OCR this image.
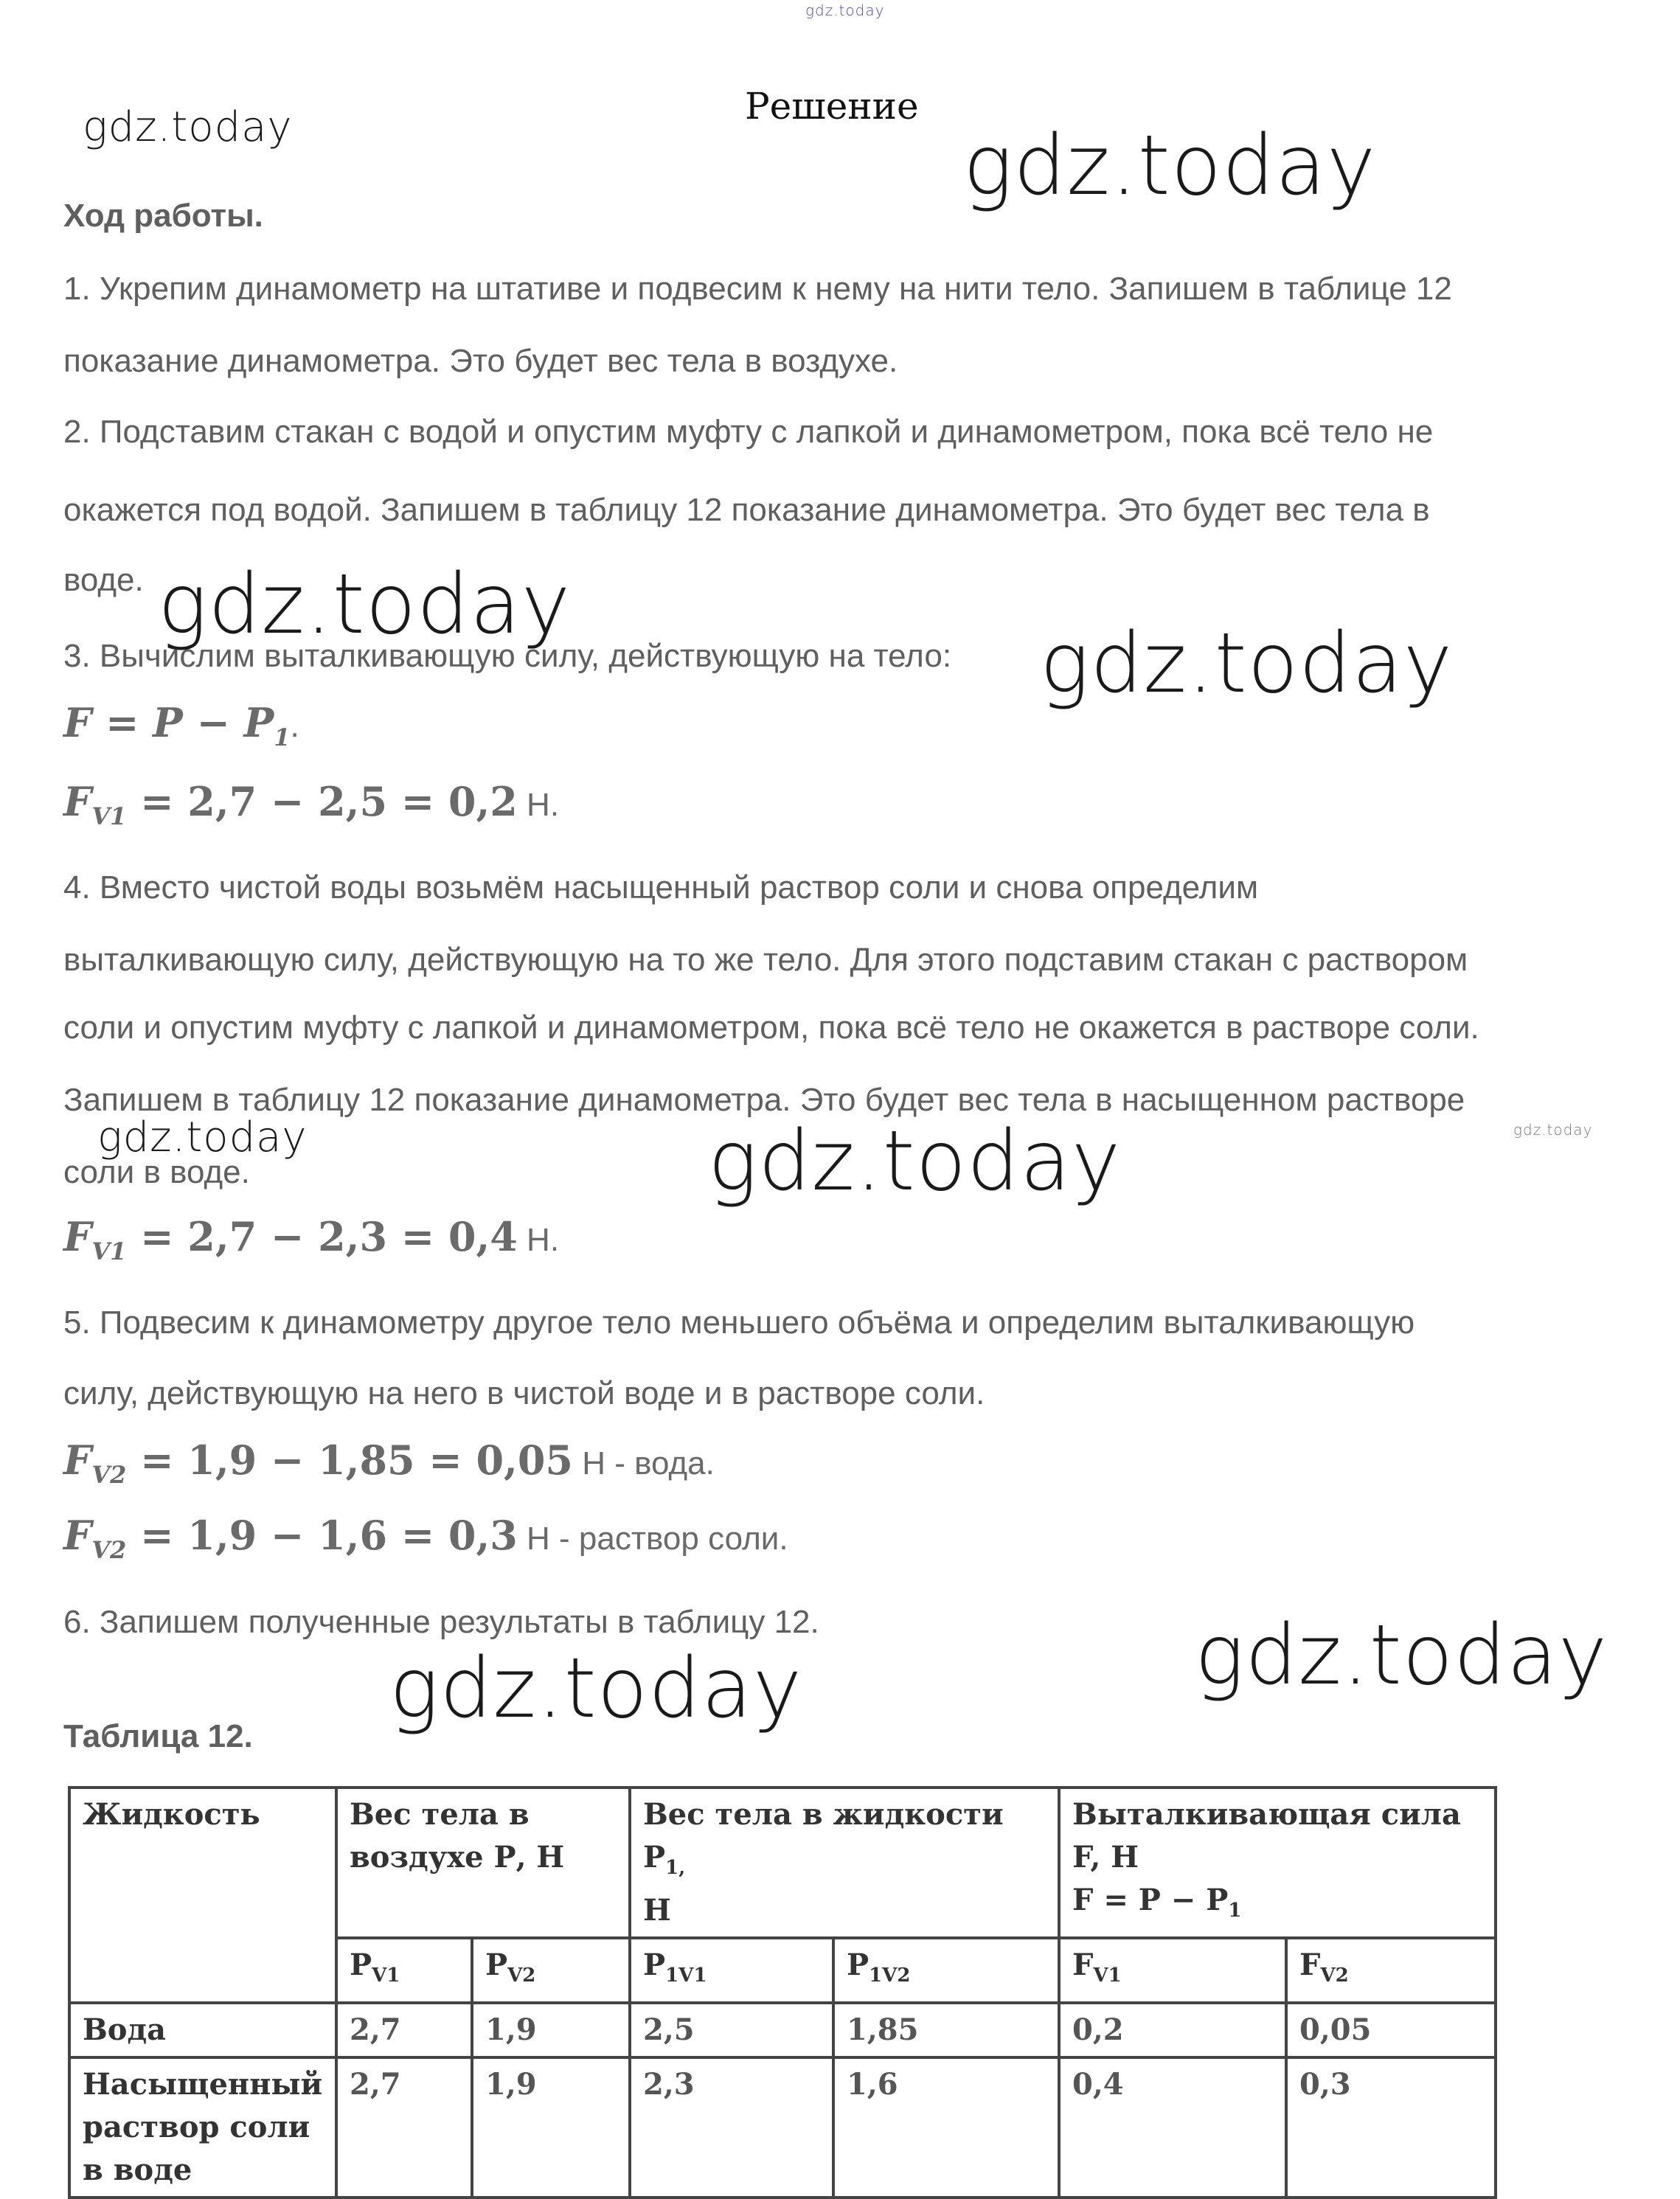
gdz.today
gdz.today	gdz.today
gdz.today
gdz.today
gdz.today	gdz.today	gdz.today
gdz.today
gdz.today
Решение
Ход работы.
1. Укрепим динамометр на штативе и подвесим к нему на нити тело. Запишем в таблице 12
показание динамометра. Это будет вес тела в воздухе.
2. Подставим стакан с водой и опустим муфту с лапкой и динамометром, пока всё тело не
окажется под водой. Запишем в таблицу 12 показание динамометра. Это будет вес тела в
воде.
3. Вычислим выталкивающую силу, действующую на тело:
$F = P - P_1$.
$F_{V1} = 2,7 - 2,5 = 0,2$ Н.
4. Вместо чистой воды возьмём насыщенный раствор соли и снова определим
выталкивающую силу, действующую на то же тело. Для этого подставим стакан с раствором
соли и опустим муфту с лапкой и динамометром, пока всё тело не окажется в растворе соли.
Запишем в таблицу 12 показание динамометра. Это будет вес тела в насыщенном растворе
соли в воде.
$F_{V1} = 2,7 - 2,3 = 0,4$ Н.
5. Подвесим к динамометру другое тело меньшего объёма и определим выталкивающую
силу, действующую на него в чистой воде и в растворе соли.
$F_{V2} = 1,9 - 1,85 = 0,05$ Н - вода.
$F_{V2} = 1,9 - 1,6 = 0,3$ Н - раствор соли.
6. Запишем полученные результаты в таблицу 12.
Таблица 12.
Жидкость	Вес тела в воздухе Р, Н		Вес тела в жидкости $Р_{1,}$
Н		Выталкивающая сила F, Н
$F = Р - Р_1$
	$Р_{V1}$	$Р_{V2}$	$Р_{1V1}$	$Р_{1V2}$	$F_{V1}$	$F_{V2}$
Вода	2,7	1,9	2,5	1,85	0,2	0,05
Насыщенный раствор соли в воде	2,7	1,9	2,3	1,6	0,4	0,3
